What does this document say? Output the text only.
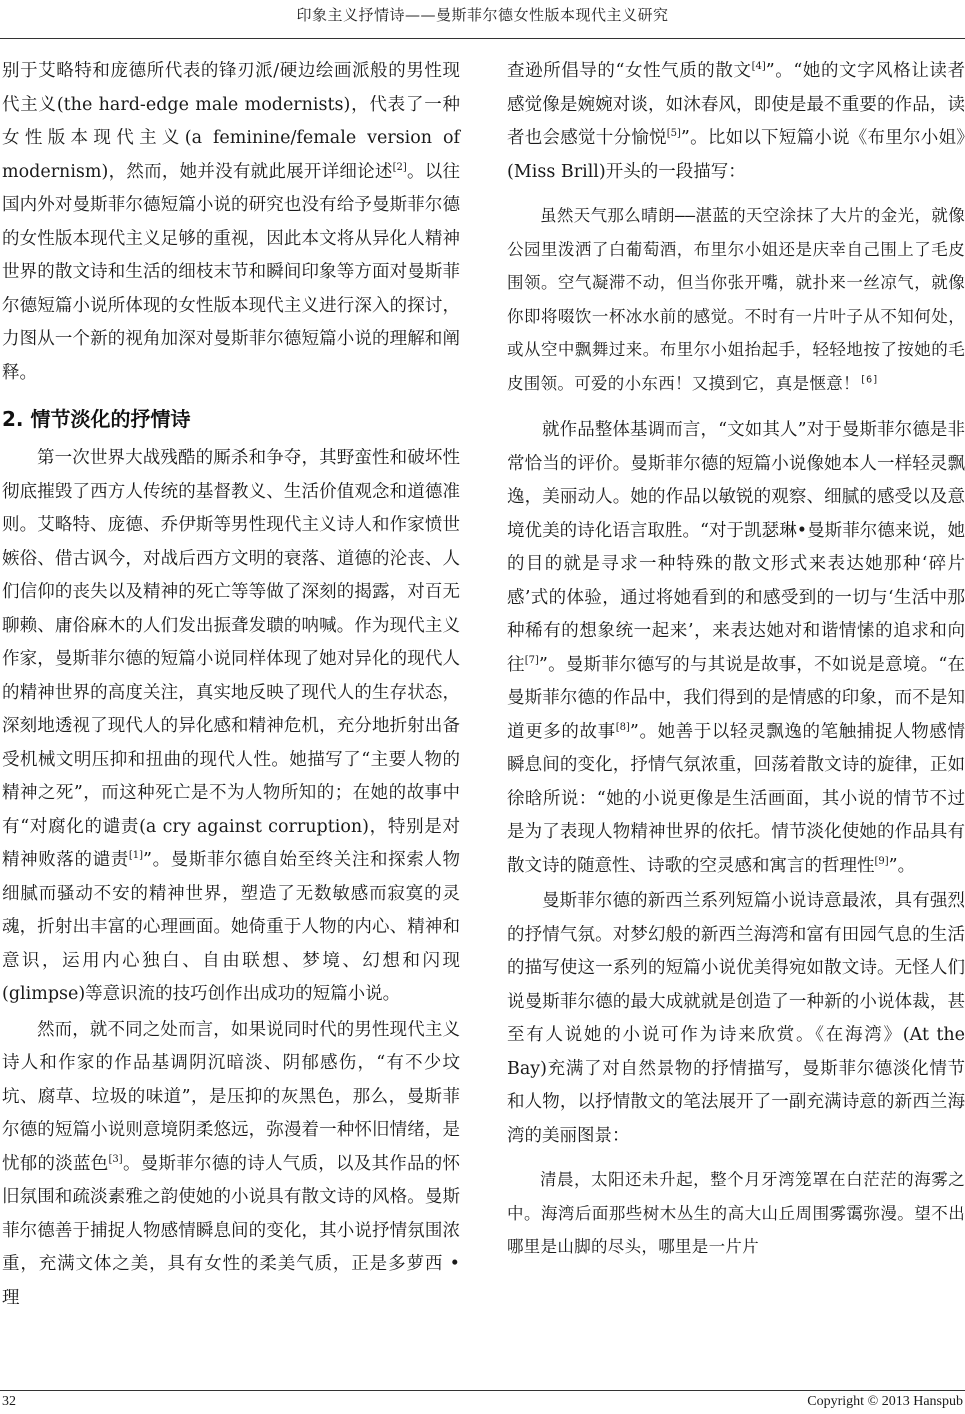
印象主义抒情诗——曼斯菲尔德女性版本现代主义研究

别于艾略特和庞德所代表的锋刃派/硬边绘画派般的男性现代主义(the hard-edge male modernists)，代表了一种女性版本现代主义(a feminine/female version of modernism)，然而，她并没有就此展开详细论述[2]。以往国内外对曼斯菲尔德短篇小说的研究也没有给予曼斯菲尔德的女性版本现代主义足够的重视，因此本文将从异化人精神世界的散文诗和生活的细枝末节和瞬间印象等方面对曼斯菲尔德短篇小说所体现的女性版本现代主义进行深入的探讨，力图从一个新的视角加深对曼斯菲尔德短篇小说的理解和阐释。

2. 情节淡化的抒情诗

第一次世界大战残酷的厮杀和争夺，其野蛮性和破坏性彻底摧毁了西方人传统的基督教义、生活价值观念和道德准则。艾略特、庞德、乔伊斯等男性现代主义诗人和作家愤世嫉俗、借古讽今，对战后西方文明的衰落、道德的沦丧、人们信仰的丧失以及精神的死亡等等做了深刻的揭露，对百无聊赖、庸俗麻木的人们发出振聋发聩的呐喊。作为现代主义作家，曼斯菲尔德的短篇小说同样体现了她对异化的现代人的精神世界的高度关注，真实地反映了现代人的生存状态，深刻地透视了现代人的异化感和精神危机，充分地折射出备受机械文明压抑和扭曲的现代人性。她描写了“主要人物的精神之死”，而这种死亡是不为人物所知的；在她的故事中有“对腐化的谴责(a cry against corruption)，特别是对精神败落的谴责[1]”。曼斯菲尔德自始至终关注和探索人物细腻而骚动不安的精神世界，塑造了无数敏感而寂寞的灵魂，折射出丰富的心理画面。她倚重于人物的内心、精神和意识，运用内心独白、自由联想、梦境、幻想和闪现(glimpse)等意识流的技巧创作出成功的短篇小说。

然而，就不同之处而言，如果说同时代的男性现代主义诗人和作家的作品基调阴沉暗淡、阴郁感伤，“有不少坟坑、腐草、垃圾的味道”，是压抑的灰黑色，那么，曼斯菲尔德的短篇小说则意境阴柔悠远，弥漫着一种怀旧情绪，是忧郁的淡蓝色[3]。曼斯菲尔德的诗人气质，以及其作品的怀旧氛围和疏淡素雅之韵使她的小说具有散文诗的风格。曼斯菲尔德善于捕捉人物感情瞬息间的变化，其小说抒情氛围浓重，充满文体之美，具有女性的柔美气质，正是多萝西 • 理

查逊所倡导的“女性气质的散文[4]”。“她的文字风格让读者感觉像是婉婉对谈，如沐春风，即使是最不重要的作品，读者也会感觉十分愉悦[5]”。比如以下短篇小说《布里尔小姐》(Miss Brill)开头的一段描写：

虽然天气那么晴朗——湛蓝的天空涂抹了大片的金光，就像公园里泼洒了白葡萄酒，布里尔小姐还是庆幸自己围上了毛皮围领。空气凝滞不动，但当你张开嘴，就扑来一丝凉气，就像你即将啜饮一杯冰水前的感觉。不时有一片叶子从不知何处，或从空中飘舞过来。布里尔小姐抬起手，轻轻地按了按她的毛皮围领。可爱的小东西！又摸到它，真是惬意！[6]

就作品整体基调而言，“文如其人”对于曼斯菲尔德是非常恰当的评价。曼斯菲尔德的短篇小说像她本人一样轻灵飘逸，美丽动人。她的作品以敏锐的观察、细腻的感受以及意境优美的诗化语言取胜。“对于凯瑟琳•曼斯菲尔德来说，她的目的就是寻求一种特殊的散文形式来表达她那种‘碎片感’式的体验，通过将她看到的和感受到的一切与‘生活中那种稀有的想象统一起来’，来表达她对和谐情愫的追求和向往[7]”。曼斯菲尔德写的与其说是故事，不如说是意境。“在曼斯菲尔德的作品中，我们得到的是情感的印象，而不是知道更多的故事[8]”。她善于以轻灵飘逸的笔触捕捉人物感情瞬息间的变化，抒情气氛浓重，回荡着散文诗的旋律，正如徐晗所说：“她的小说更像是生活画面，其小说的情节不过是为了表现人物精神世界的依托。情节淡化使她的作品具有散文诗的随意性、诗歌的空灵感和寓言的哲理性[9]”。

曼斯菲尔德的新西兰系列短篇小说诗意最浓，具有强烈的抒情气氛。对梦幻般的新西兰海湾和富有田园气息的生活的描写使这一系列的短篇小说优美得宛如散文诗。无怪人们说曼斯菲尔德的最大成就就是创造了一种新的小说体裁，甚至有人说她的小说可作为诗来欣赏。《在海湾》(At the Bay)充满了对自然景物的抒情描写，曼斯菲尔德淡化情节和人物，以抒情散文的笔法展开了一副充满诗意的新西兰海湾的美丽图景：

清晨，太阳还未升起，整个月牙湾笼罩在白茫茫的海雾之中。海湾后面那些树木丛生的高大山丘周围雾霭弥漫。望不出哪里是山脚的尽头，哪里是一片片

32	Copyright © 2013 Hanspub
